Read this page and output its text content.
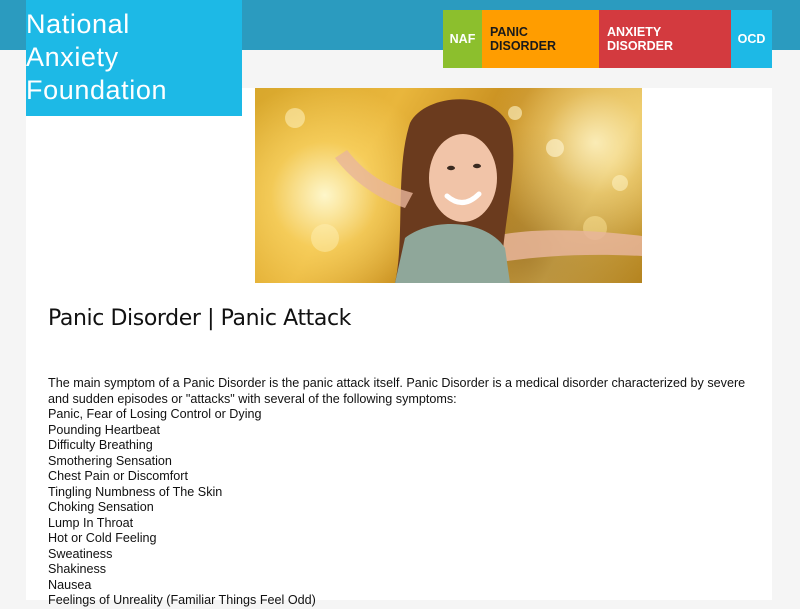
National
Anxiety
Foundation
NAF	PANIC DISORDER
ANXIETY DISORDER	OCD
Panic Disorder | Panic Attack

The main symptom of a Panic Disorder is the panic attack itself. Panic Disorder is a medical disorder characterized by severe and sudden episodes or "attacks" with several of the following symptoms:

Panic, Fear of Losing Control or Dying
Pounding Heartbeat
Difficulty Breathing
Smothering Sensation
Chest Pain or Discomfort
Tingling Numbness of The Skin
Choking Sensation
Lump In Throat
Hot or Cold Feeling
Sweatiness
Shakiness
Nausea
Feelings of Unreality (Familiar Things Feel Odd)
